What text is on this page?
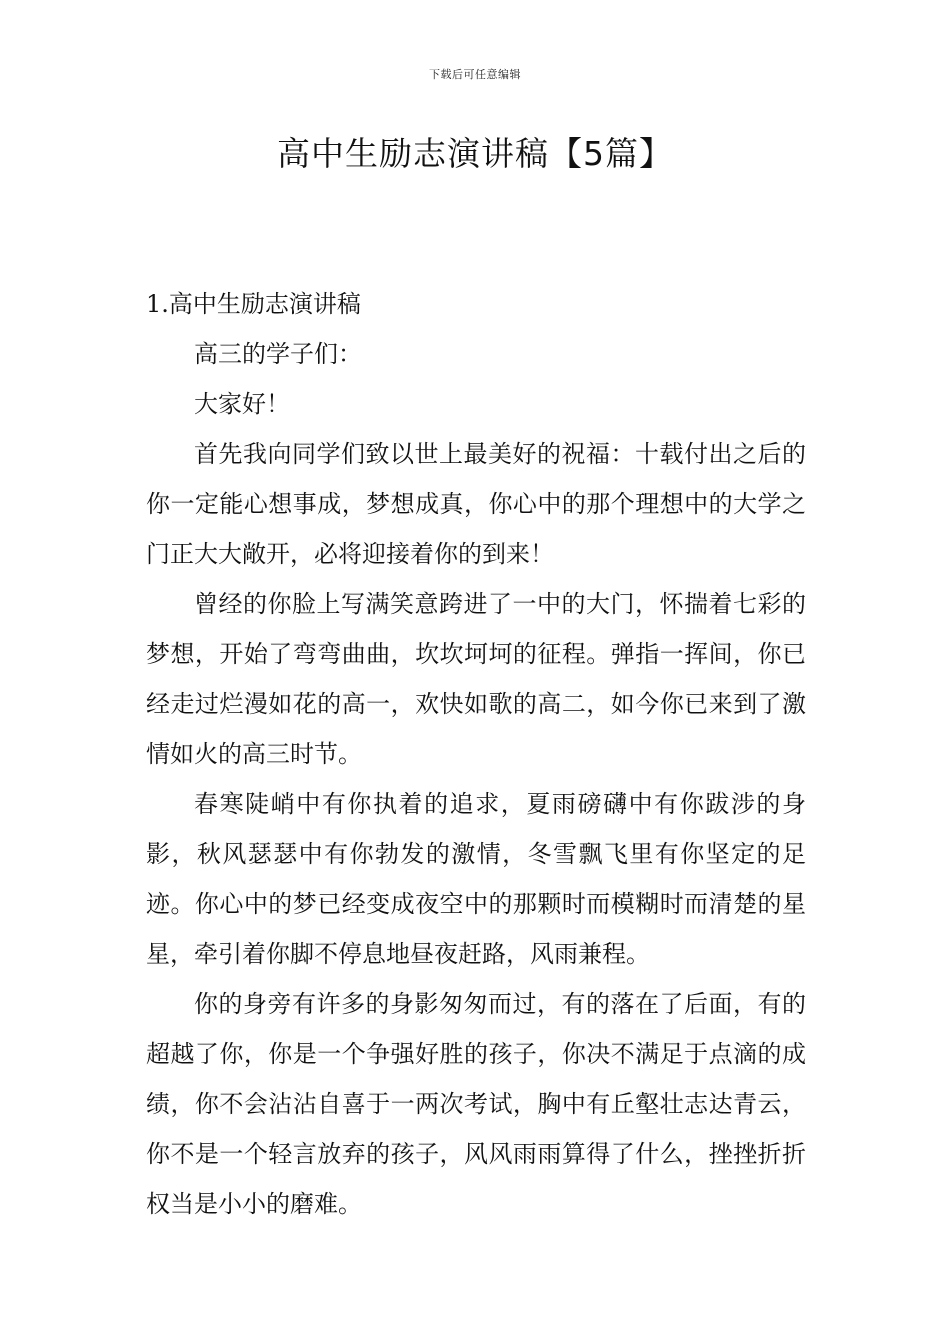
下载后可任意编辑
高中生励志演讲稿【5篇】
1.高中生励志演讲稿

高三的学子们：

大家好！

首先我向同学们致以世上最美好的祝福：十载付出之后的你一定能心想事成，梦想成真，你心中的那个理想中的大学之门正大大敞开，必将迎接着你的到来！

曾经的你脸上写满笑意跨进了一中的大门，怀揣着七彩的梦想，开始了弯弯曲曲，坎坎坷坷的征程。弹指一挥间，你已经走过烂漫如花的高一，欢快如歌的高二，如今你已来到了激情如火的高三时节。

春寒陡峭中有你执着的追求，夏雨磅礴中有你跋涉的身影，秋风瑟瑟中有你勃发的激情，冬雪飘飞里有你坚定的足迹。你心中的梦已经变成夜空中的那颗时而模糊时而清楚的星星，牵引着你脚不停息地昼夜赶路，风雨兼程。

你的身旁有许多的身影匆匆而过，有的落在了后面，有的超越了你，你是一个争强好胜的孩子，你决不满足于点滴的成绩，你不会沾沾自喜于一两次考试，胸中有丘壑壮志达青云，你不是一个轻言放弃的孩子，风风雨雨算得了什么，挫挫折折权当是小小的磨难。
